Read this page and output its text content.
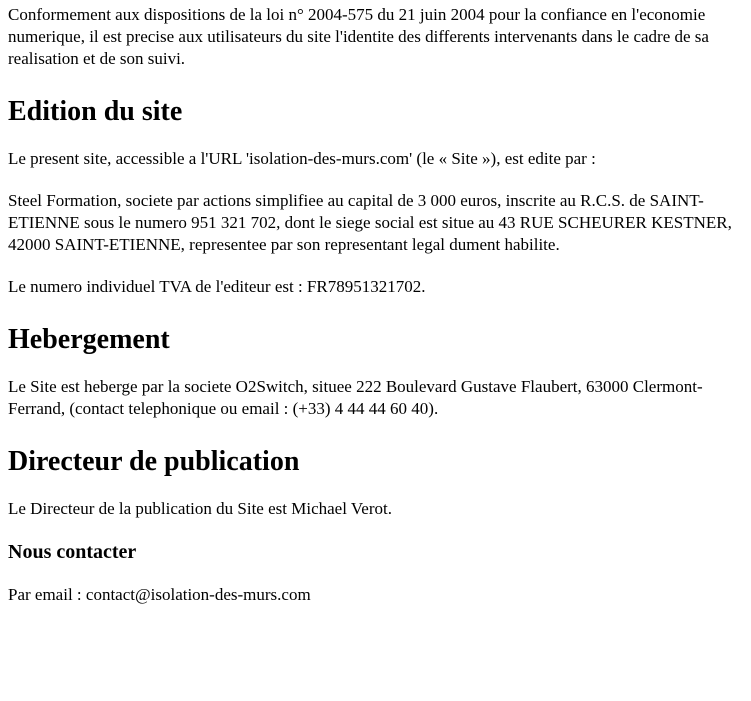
Conformement aux dispositions de la loi n° 2004-575 du 21 juin 2004 pour la confiance en l'economie numerique, il est precise aux utilisateurs du site l'identite des differents intervenants dans le cadre de sa realisation et de son suivi.

Edition du site

Le present site, accessible a l'URL 'isolation-des-murs.com' (le « Site »), est edite par :

Steel Formation, societe par actions simplifiee au capital de 3 000 euros, inscrite au R.C.S. de SAINT-ETIENNE sous le numero 951 321 702, dont le siege social est situe au 43 RUE SCHEURER KESTNER, 42000 SAINT-ETIENNE, representee par son representant legal dument habilite.

Le numero individuel TVA de l'editeur est : FR78951321702.

Hebergement

Le Site est heberge par la societe O2Switch, situee 222 Boulevard Gustave Flaubert, 63000 Clermont-Ferrand, (contact telephonique ou email : (+33) 4 44 44 60 40).

Directeur de publication

Le Directeur de la publication du Site est Michael Verot.

Nous contacter

Par email : contact@isolation-des-murs.com
